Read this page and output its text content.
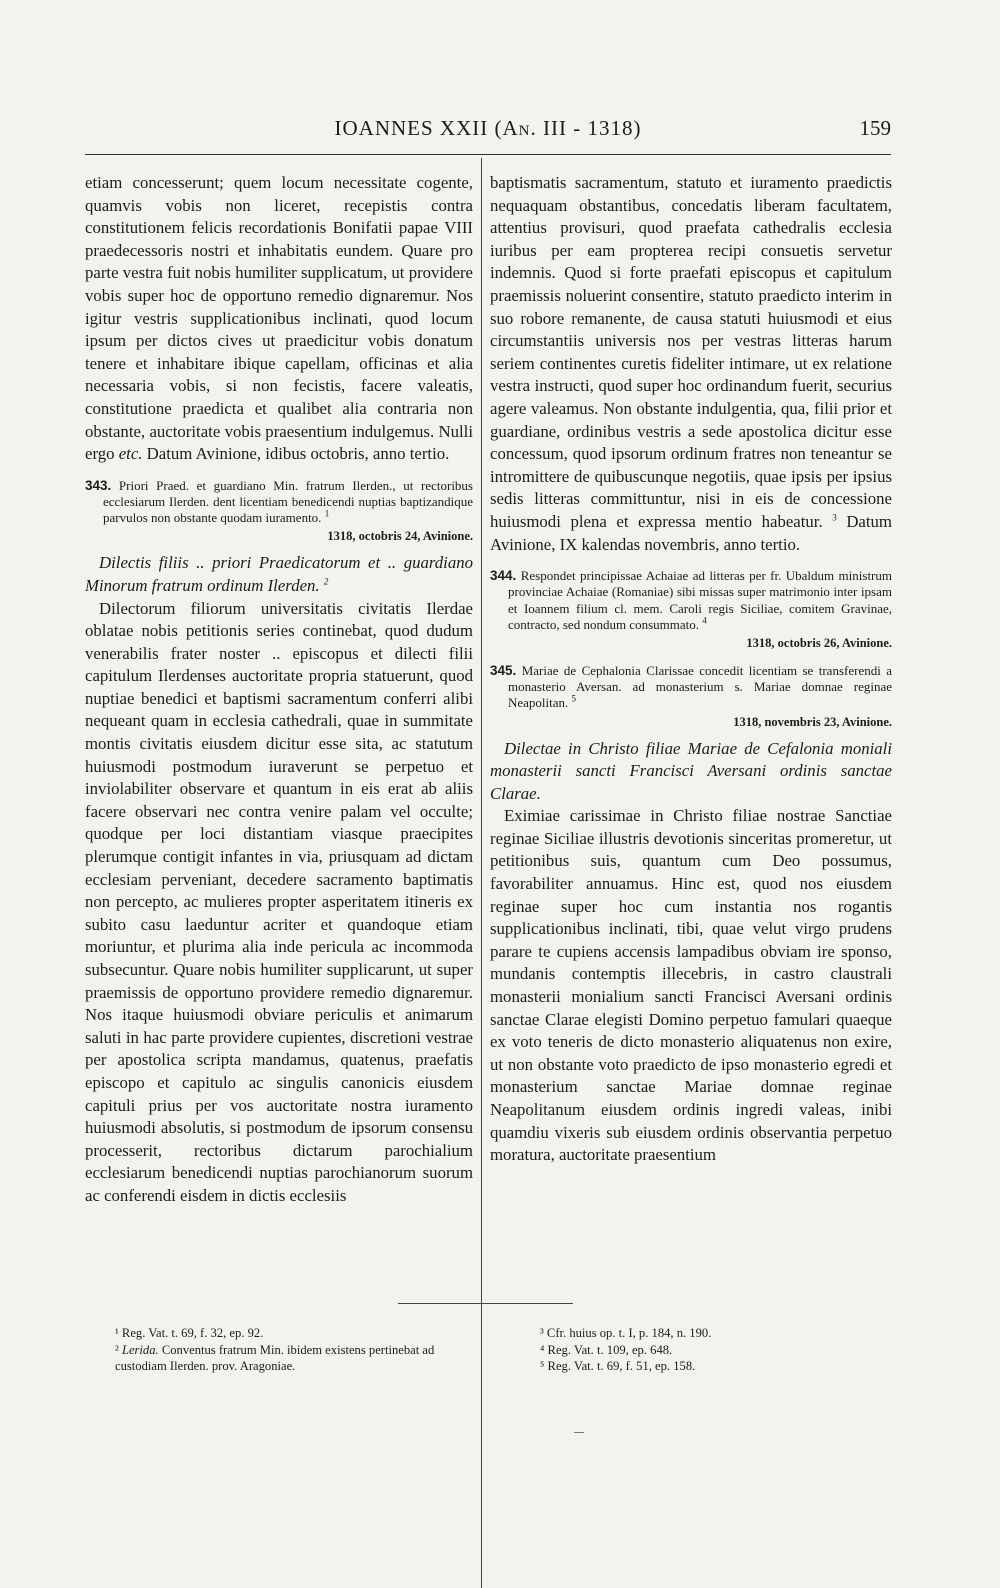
IOANNES XXII (AN. III - 1318)	159

etiam concesserunt; quem locum necessitate cogente, quamvis vobis non liceret, recepistis contra constitutionem felicis recordationis Bonifatii papae VIII praedecessoris nostri et inhabitatis eundem. Quare pro parte vestra fuit nobis humiliter supplicatum, ut providere vobis super hoc de opportuno remedio dignaremur. Nos igitur vestris supplicationibus inclinati, quod locum ipsum per dictos cives ut praedicitur vobis donatum tenere et inhabitare ibique capellam, officinas et alia necessaria vobis, si non fecistis, facere valeatis, constitutione praedicta et qualibet alia contraria non obstante, auctoritate vobis praesentium indulgemus. Nulli ergo etc. Datum Avinione, idibus octobris, anno tertio.

343. Priori Praed. et guardiano Min. fratrum Ilerden., ut rectoribus ecclesiarum Ilerden. dent licentiam benedicendi nuptias baptizandique parvulos non obstante quodam iuramento. $^1$

1318, octobris 24, Avinione.

Dilectis filiis .. priori Praedicatorum et .. guardiano Minorum fratrum ordinum Ilerden. $^2$

Dilectorum filiorum universitatis civitatis Ilerdae oblatae nobis petitionis series continebat, quod dudum venerabilis frater noster .. episcopus et dilecti filii capitulum Ilerdenses auctoritate propria statuerunt, quod nuptiae benedici et baptismi sacramentum conferri alibi nequeant quam in ecclesia cathedrali, quae in summitate montis civitatis eiusdem dicitur esse sita, ac statutum huiusmodi postmodum iuraverunt se perpetuo et inviolabiliter observare et quantum in eis erat ab aliis facere observari nec contra venire palam vel occulte; quodque per loci distantiam viasque praecipites plerumque contigit infantes in via, priusquam ad dictam ecclesiam perveniant, decedere sacramento baptimatis non percepto, ac mulieres propter asperitatem itineris ex subito casu laeduntur acriter et quandoque etiam moriuntur, et plurima alia inde pericula ac incommoda subsecuntur. Quare nobis humiliter supplicarunt, ut super praemissis de opportuno providere remedio dignaremur. Nos itaque huiusmodi obviare periculis et animarum saluti in hac parte providere cupientes, discretioni vestrae per apostolica scripta mandamus, quatenus, praefatis episcopo et capitulo ac singulis canonicis eiusdem capituli prius per vos auctoritate nostra iuramento huiusmodi absolutis, si postmodum de ipsorum consensu processerit, rectoribus dictarum parochialium ecclesiarum benedicendi nuptias parochianorum suorum ac conferendi eisdem in dictis ecclesiis

baptismatis sacramentum, statuto et iuramento praedictis nequaquam obstantibus, concedatis liberam facultatem, attentius provisuri, quod praefata cathedralis ecclesia iuribus per eam propterea recipi consuetis servetur indemnis. Quod si forte praefati episcopus et capitulum praemissis noluerint consentire, statuto praedicto interim in suo robore remanente, de causa statuti huiusmodi et eius circumstantiis universis nos per vestras litteras harum seriem continentes curetis fideliter intimare, ut ex relatione vestra instructi, quod super hoc ordinandum fuerit, securius agere valeamus. Non obstante indulgentia, qua, filii prior et guardiane, ordinibus vestris a sede apostolica dicitur esse concessum, quod ipsorum ordinum fratres non teneantur se intromittere de quibuscunque negotiis, quae ipsis per ipsius sedis litteras committuntur, nisi in eis de concessione huiusmodi plena et expressa mentio habeatur. $^3$ Datum Avinione, IX kalendas novembris, anno tertio.

344. Respondet principissae Achaiae ad litteras per fr. Ubaldum ministrum provinciae Achaiae (Romaniae) sibi missas super matrimonio inter ipsam et Ioannem filium cl. mem. Caroli regis Siciliae, comitem Gravinae, contracto, sed nondum consummato. $^4$

1318, octobris 26, Avinione.

345. Mariae de Cephalonia Clarissae concedit licentiam se transferendi a monasterio Aversan. ad monasterium s. Mariae domnae reginae Neapolitan. $^5$

1318, novembris 23, Avinione.

Dilectae in Christo filiae Mariae de Cefalonia moniali monasterii sancti Francisci Aversani ordinis sanctae Clarae.

Eximiae carissimae in Christo filiae nostrae Sanctiae reginae Siciliae illustris devotionis sinceritas promeretur, ut petitionibus suis, quantum cum Deo possumus, favorabiliter annuamus. Hinc est, quod nos eiusdem reginae super hoc cum instantia nos rogantis supplicationibus inclinati, tibi, quae velut virgo prudens parare te cupiens accensis lampadibus obviam ire sponso, mundanis contemptis illecebris, in castro claustrali monasterii monialium sancti Francisci Aversani ordinis sanctae Clarae elegisti Domino perpetuo famulari quaeque ex voto teneris de dicto monasterio aliquatenus non exire, ut non obstante voto praedicto de ipso monasterio egredi et monasterium sanctae Mariae domnae reginae Neapolitanum eiusdem ordinis ingredi valeas, inibi quamdiu vixeris sub eiusdem ordinis observantia perpetuo moratura, auctoritate praesentium

¹ Reg. Vat. t. 69, f. 32, ep. 92.
² Lerida. Conventus fratrum Min. ibidem existens pertinebat ad custodiam Ilerden. prov. Aragoniae.
³ Cfr. huius op. t. I, p. 184, n. 190.
⁴ Reg. Vat. t. 109, ep. 648.
⁵ Reg. Vat. t. 69, f. 51, ep. 158.
